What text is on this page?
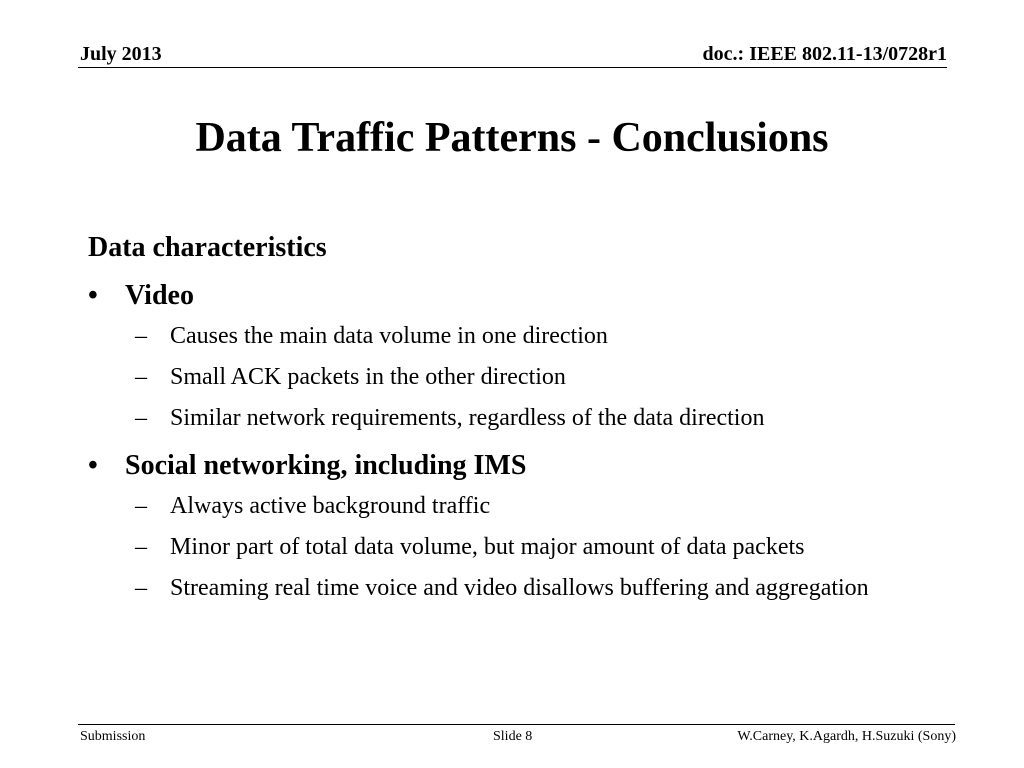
July 2013	doc.: IEEE 802.11-13/0728r1
Data Traffic Patterns - Conclusions
Data characteristics
• Video
– Causes the main data volume in one direction
– Small ACK packets in the other direction
– Similar network requirements, regardless of the data direction
• Social networking, including IMS
– Always active background traffic
– Minor part of total data volume, but major amount of data packets
– Streaming real time voice and video disallows buffering and aggregation
Submission	Slide 8	W.Carney, K.Agardh, H.Suzuki (Sony)
